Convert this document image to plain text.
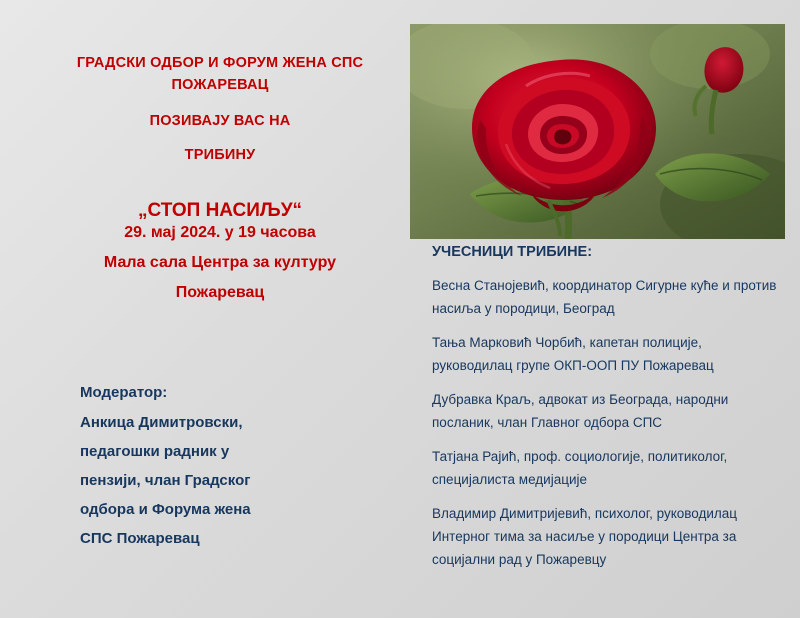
ГРАДСКИ ОДБОР И ФОРУМ ЖЕНА СПС
ПОЖАРЕВАЦ
ПОЗИВАЈУ ВАС НА
ТРИБИНУ
„СТОП НАСИЉУ“
29. мај 2024. у 19 часова
Мала сала Центра за културу
Пожаревац
Модератор:
Анкица Димитровски,
педагошки радник у
пензији, члан Градског
одбора и Форума жена
СПС Пожаревац
УЧЕСНИЦИ ТРИБИНЕ:
Весна Станојевић, координатор Сигурне куће и против насиља у породици, Београд
Тања Марковић Чорбић, капетан полиције, руководилац групе ОКП-ООП ПУ Пожаревац
Дубравка Краљ, адвокат из Београда, народни посланик, члан Главног одбора СПС
Татјана Рајић, проф. социологије, политиколог, специјалиста медијације
Владимир Димитријевић, психолог, руководилац Интерног тима за насиље у породици Центра за социјални рад у Пожаревцу
